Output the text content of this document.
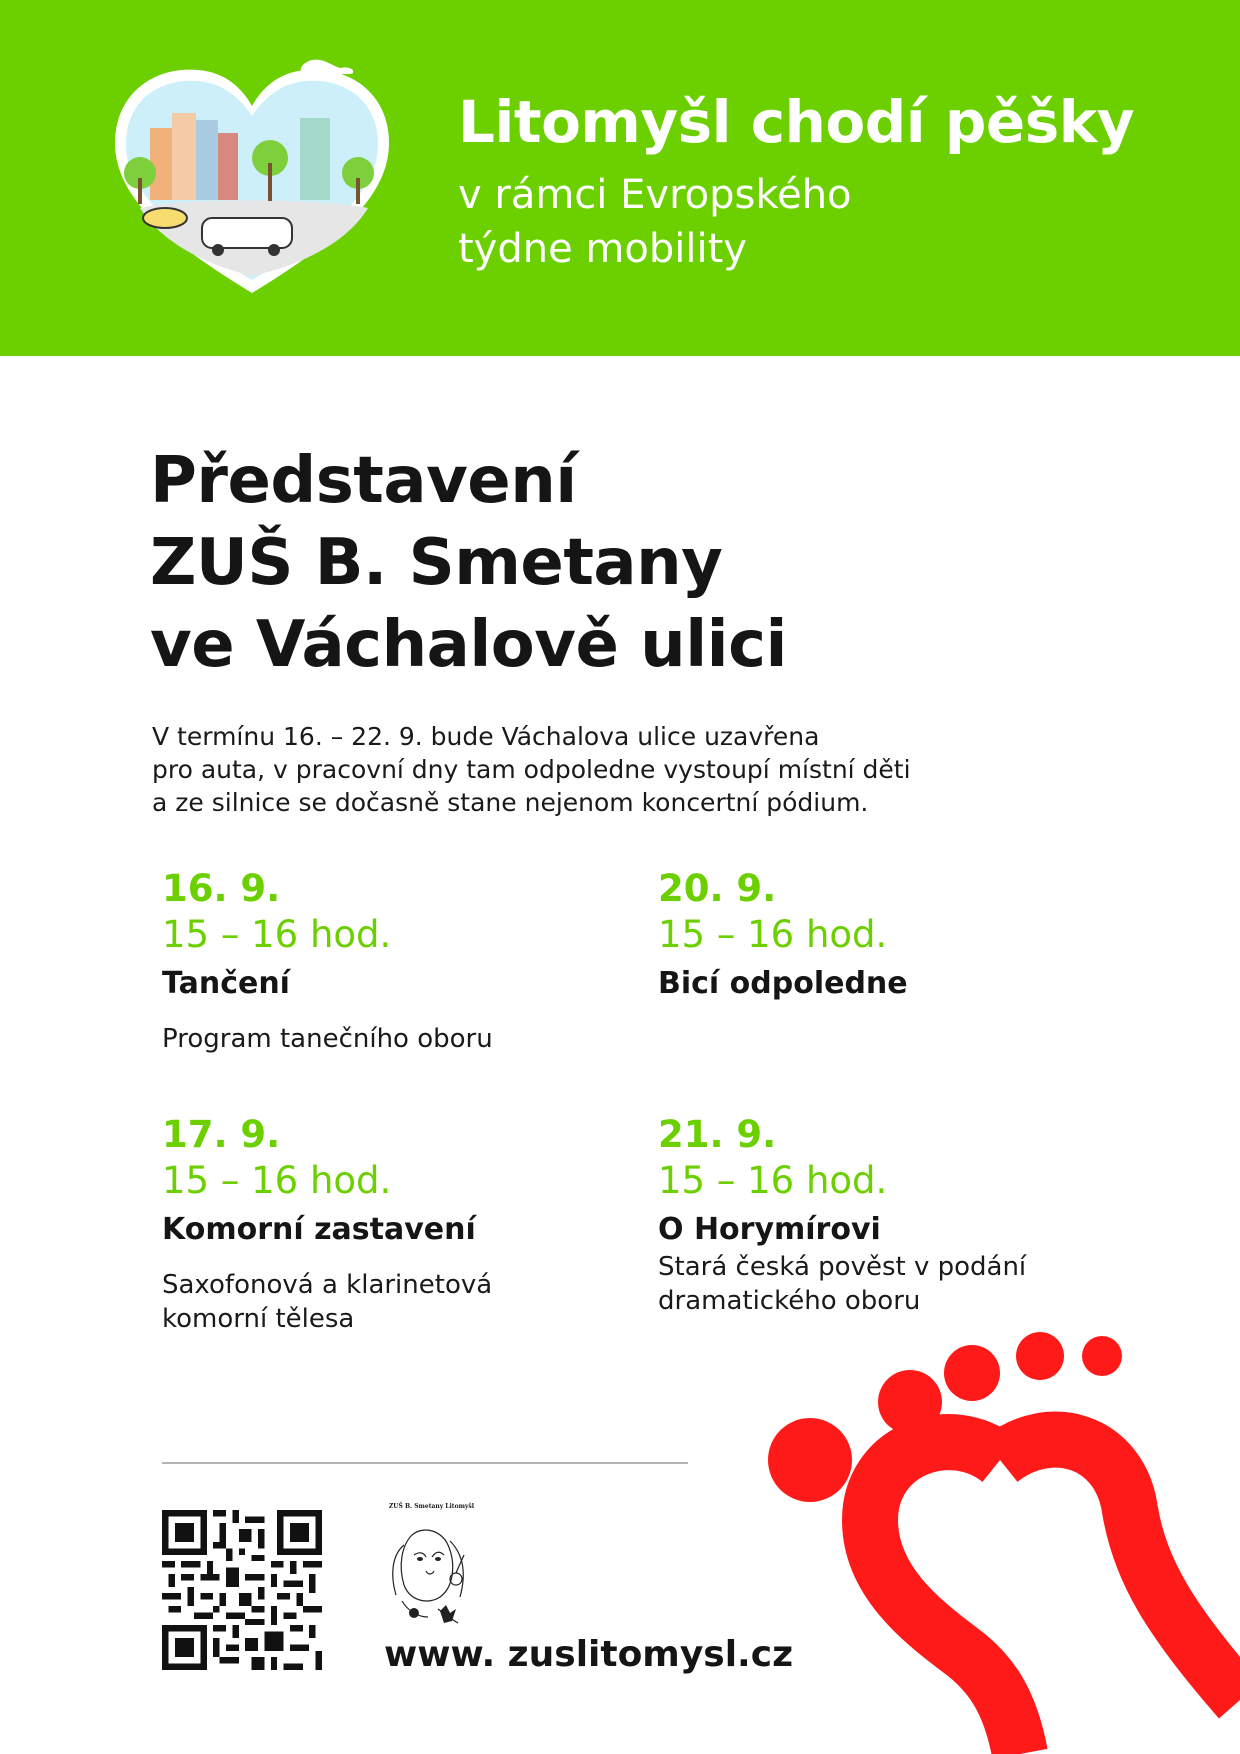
Litomyšl chodí pěšky
v rámci Evropského
týdne mobility
Představení
ZUŠ B. Smetany
ve Váchalově ulici
V termínu 16. – 22. 9. bude Váchalova ulice uzavřena
pro auta, v pracovní dny tam odpoledne vystoupí místní děti
a ze silnice se dočasně stane nejenom koncertní pódium.
16. 9.
15 – 16 hod.
Tančení
Program tanečního oboru
20. 9.
15 – 16 hod.
Bicí odpoledne
17. 9.
15 – 16 hod.
Komorní zastavení
Saxofonová a klarinetová
komorní tělesa
21. 9.
15 – 16 hod.
O Horymírovi
Stará česká pověst v podání
dramatického oboru
ZUŠ B. Smetany Litomyšl
www. zuslitomysl.cz
